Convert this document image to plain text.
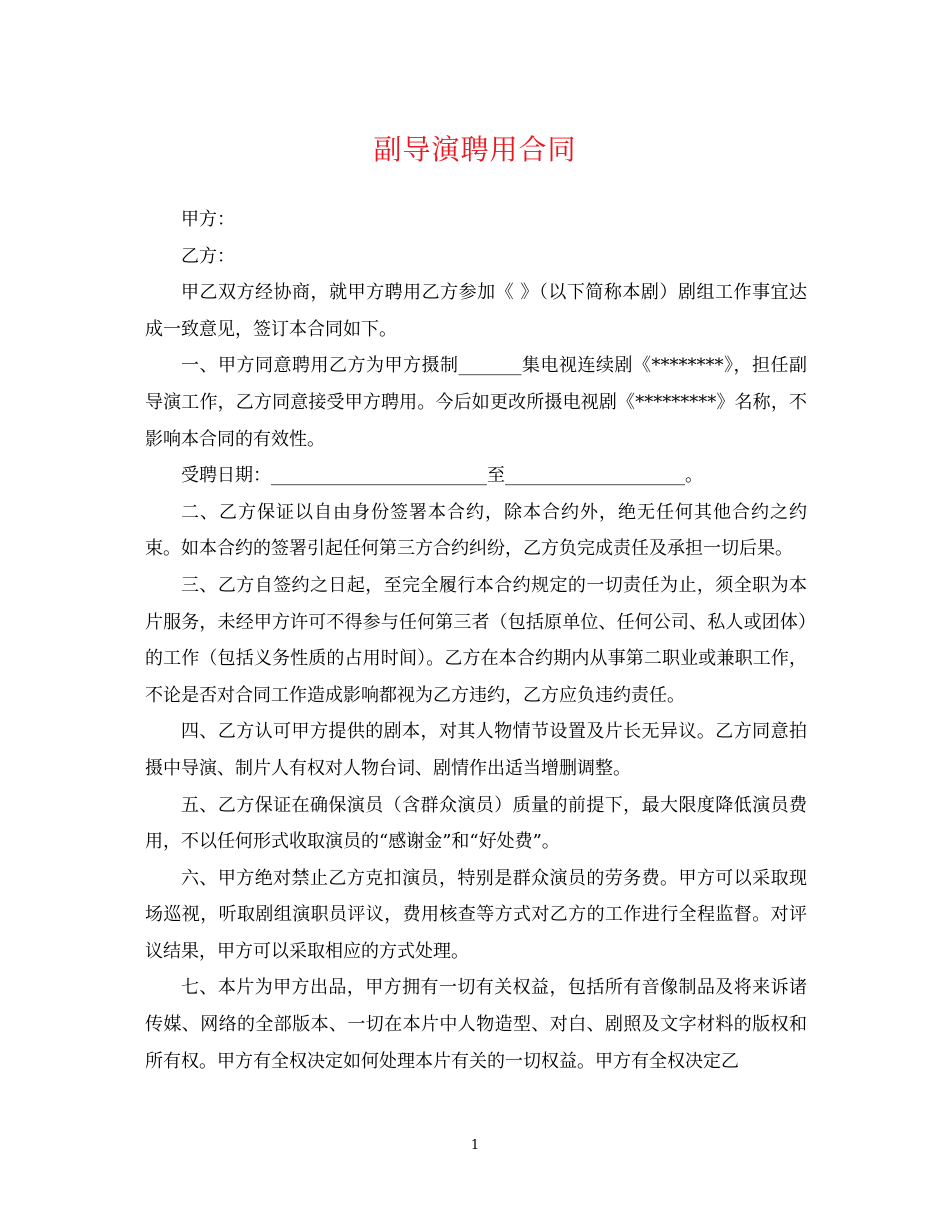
副导演聘用合同

甲方：

乙方：

甲乙双方经协商，就甲方聘用乙方参加《 》（以下简称本剧）剧组工作事宜达成一致意见，签订本合同如下。

一、甲方同意聘用乙方为甲方摄制_______集电视连续剧《********》，担任副导演工作，乙方同意接受甲方聘用。今后如更改所摄电视剧《*********》名称，不影响本合同的有效性。

受聘日期：________________________至____________________。

二、乙方保证以自由身份签署本合约，除本合约外，绝无任何其他合约之约束。如本合约的签署引起任何第三方合约纠纷，乙方负完成责任及承担一切后果。

三、乙方自签约之日起，至完全履行本合约规定的一切责任为止，须全职为本片服务，未经甲方许可不得参与任何第三者（包括原单位、任何公司、私人或团体）的工作（包括义务性质的占用时间）。乙方在本合约期内从事第二职业或兼职工作，不论是否对合同工作造成影响都视为乙方违约，乙方应负违约责任。

四、乙方认可甲方提供的剧本，对其人物情节设置及片长无异议。乙方同意拍摄中导演、制片人有权对人物台词、剧情作出适当增删调整。

五、乙方保证在确保演员（含群众演员）质量的前提下，最大限度降低演员费用，不以任何形式收取演员的“感谢金”和“好处费”。

六、甲方绝对禁止乙方克扣演员，特别是群众演员的劳务费。甲方可以采取现场巡视，听取剧组演职员评议，费用核查等方式对乙方的工作进行全程监督。对评议结果，甲方可以采取相应的方式处理。

七、本片为甲方出品，甲方拥有一切有关权益，包括所有音像制品及将来诉诸传媒、网络的全部版本、一切在本片中人物造型、对白、剧照及文字材料的版权和所有权。甲方有全权决定如何处理本片有关的一切权益。甲方有全权决定乙

1
